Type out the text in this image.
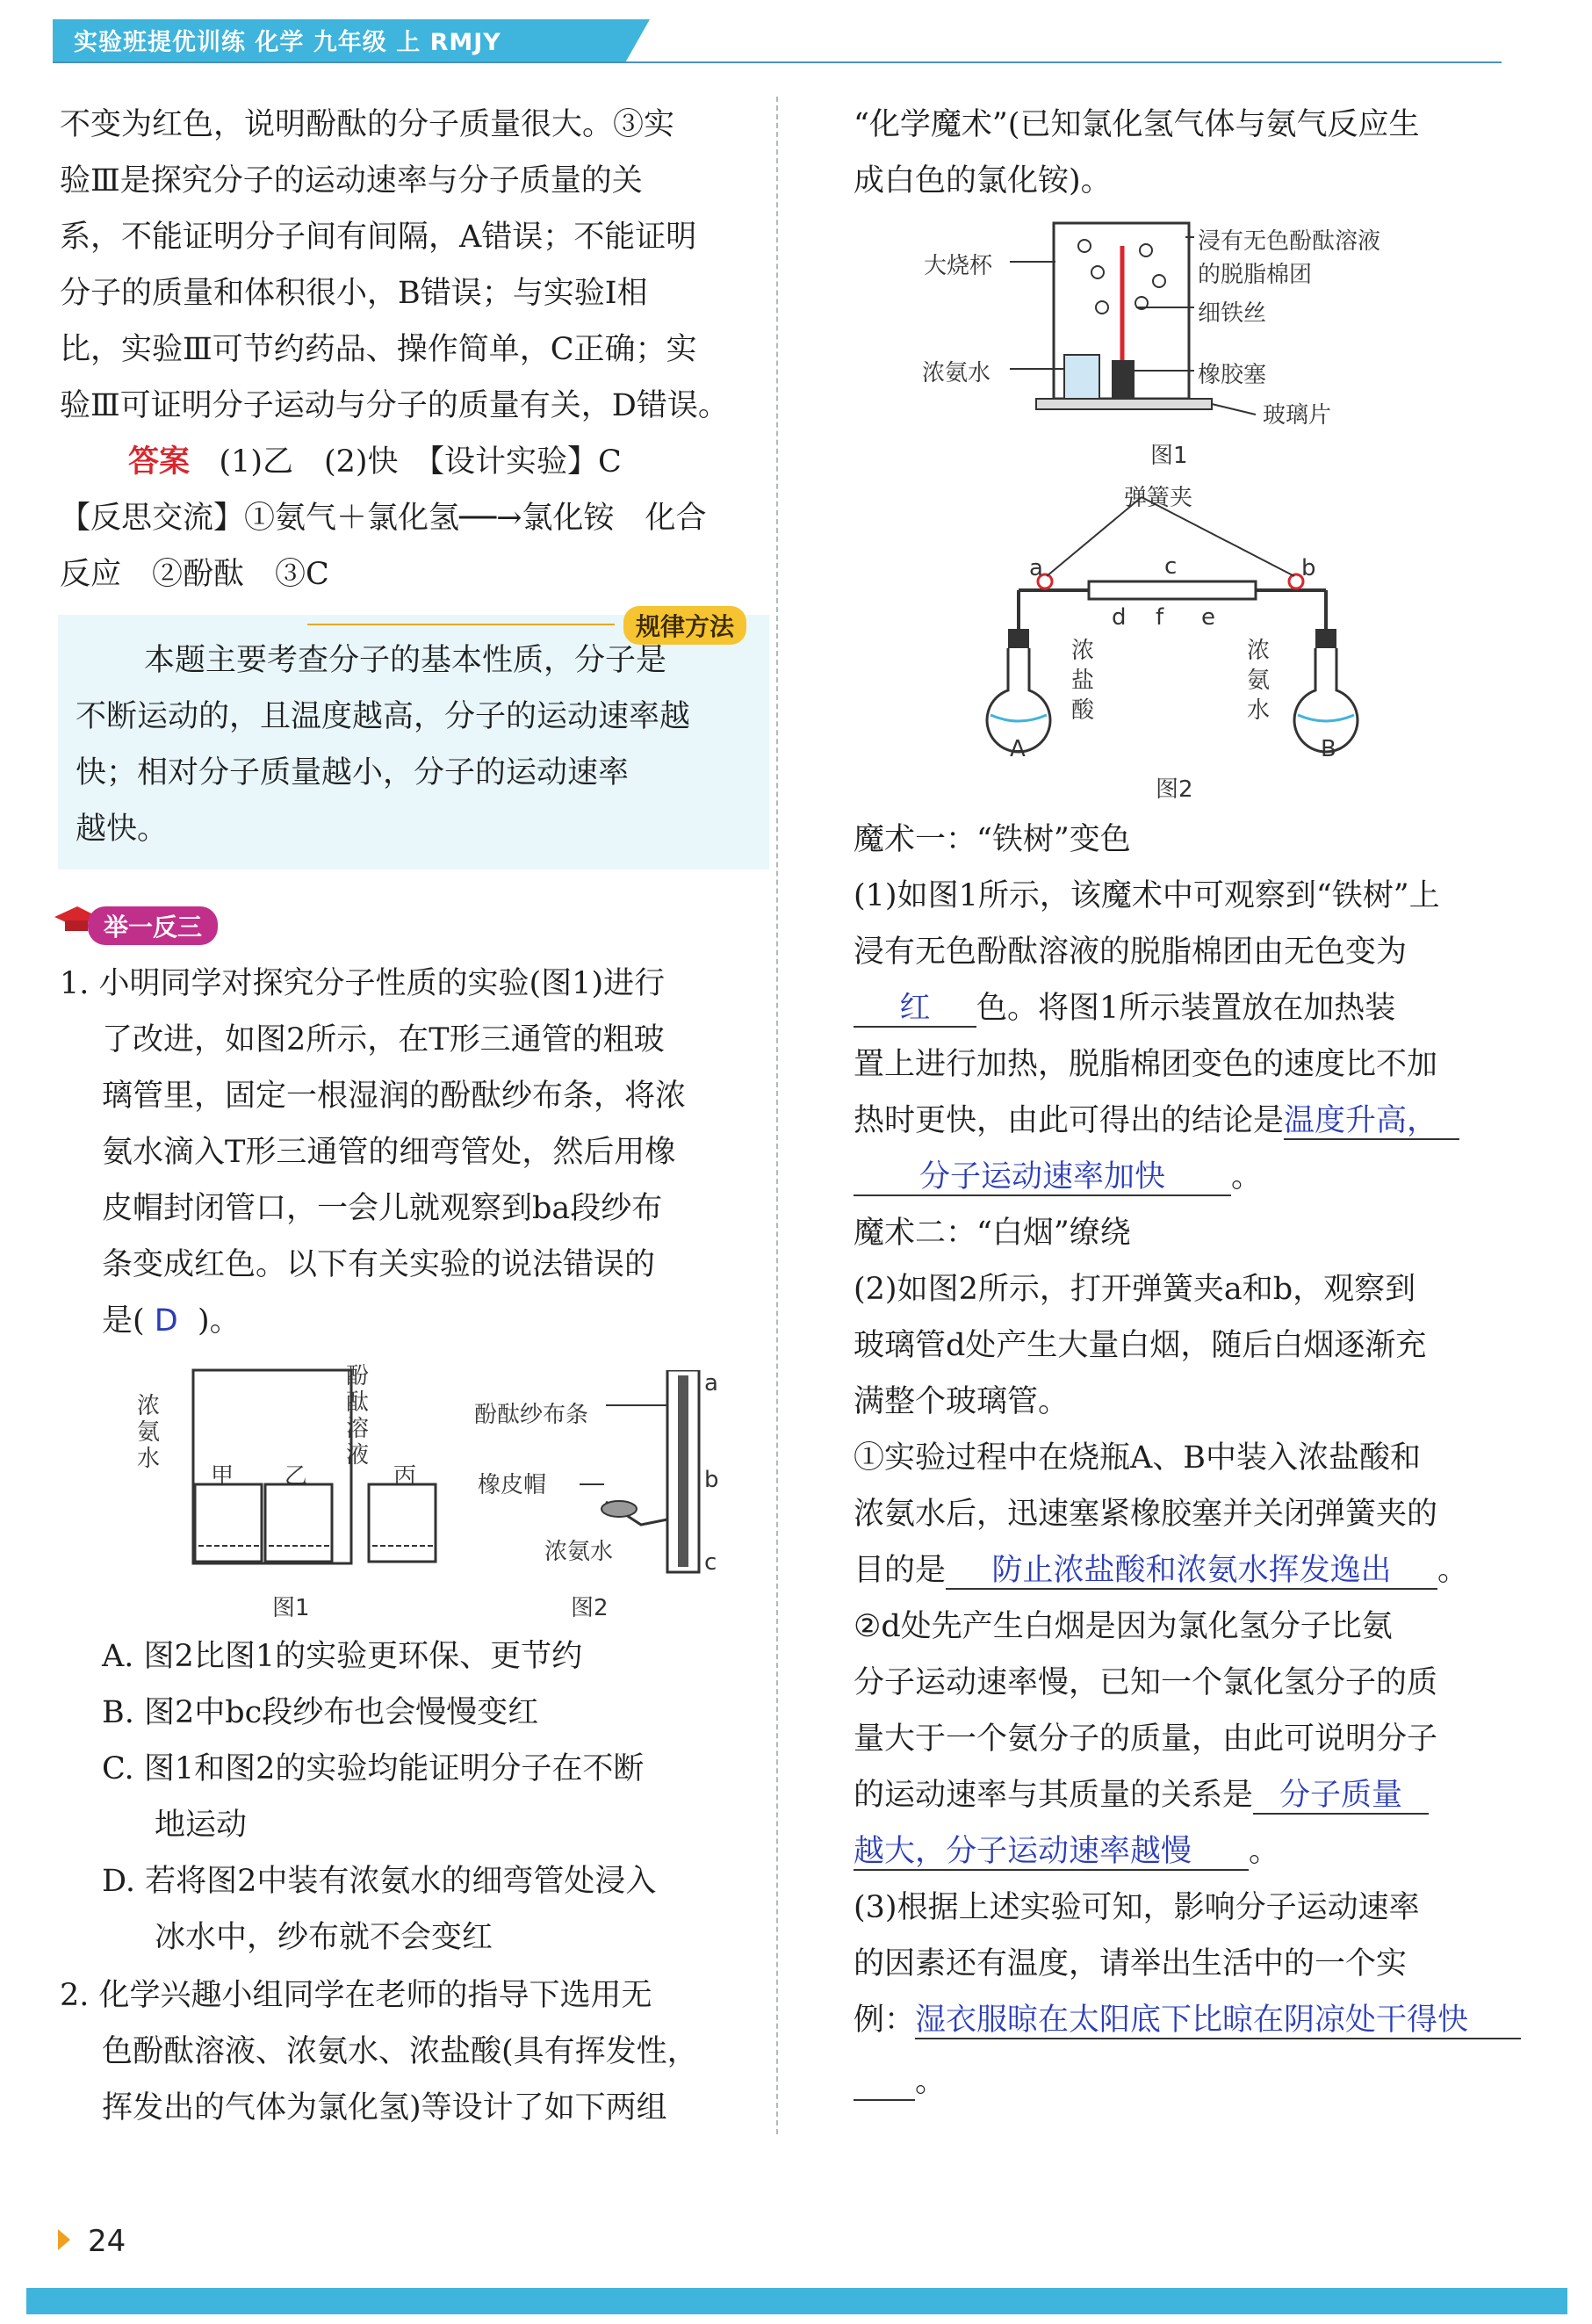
实验班提优训练 化学 九年级 上 RMJY
不变为红色，说明酚酞的分子质量很大。③实
验Ⅲ是探究分子的运动速率与分子质量的关
系，不能证明分子间有间隔，A错误；不能证明
分子的质量和体积很小，B错误；与实验Ⅰ相
比，实验Ⅲ可节约药品、操作简单，C正确；实
验Ⅲ可证明分子运动与分子的质量有关，D错误。
答案 (1)乙　(2)快　【设计实验】C
【反思交流】①氨气＋氯化氢──→氯化铵　化合
反应　②酚酞　③C
规律方法
本题主要考查分子的基本性质，分子是
不断运动的，且温度越高，分子的运动速率越
快；相对分子质量越小，分子的运动速率
越快。
举一反三
1. 小明同学对探究分子性质的实验(图1)进行
了改进，如图2所示，在T形三通管的粗玻
璃管里，固定一根湿润的酚酞纱布条，将浓
氨水滴入T形三通管的细弯管处，然后用橡
皮帽封闭管口，一会儿就观察到ba段纱布
条变成红色。以下有关实验的说法错误的
是( D )。
浓氨水
甲 乙	丙
酚酞溶液
图1
酚酞纱布条
橡皮帽
浓氨水
a
b
c
图2
A. 图2比图1的实验更环保、更节约
B. 图2中bc段纱布也会慢慢变红
C. 图1和图2的实验均能证明分子在不断
地运动
D. 若将图2中装有浓氨水的细弯管处浸入
冰水中，纱布就不会变红
2. 化学兴趣小组同学在老师的指导下选用无
色酚酞溶液、浓氨水、浓盐酸(具有挥发性，
挥发出的气体为氯化氢)等设计了如下两组
“化学魔术”(已知氯化氢气体与氨气反应生
成白色的氯化铵)。
大烧杯
浸有无色酚酞溶液
的脱脂棉团
细铁丝
浓氨水	橡胶塞
玻璃片
图1
弹簧夹
a	b
c
d f e
浓盐酸
浓氨水
A	B
图2
魔术一：“铁树”变色
(1)如图1所示，该魔术中可观察到“铁树”上
浸有无色酚酞溶液的脱脂棉团由无色变为
红 色。将图1所示装置放在加热装
置上进行加热，脱脂棉团变色的速度比不加
热时更快，由此可得出的结论是温度升高，
分子运动速率加快 。
魔术二：“白烟”缭绕
(2)如图2所示，打开弹簧夹a和b，观察到
玻璃管d处产生大量白烟，随后白烟逐渐充
满整个玻璃管。
①实验过程中在烧瓶A、B中装入浓盐酸和
浓氨水后，迅速塞紧橡胶塞并关闭弹簧夹的
目的是 防止浓盐酸和浓氨水挥发逸出 。
②d处先产生白烟是因为氯化氢分子比氨
分子运动速率慢，已知一个氯化氢分子的质
量大于一个氨分子的质量，由此可说明分子
的运动速率与其质量的关系是 分子质量
越大，分子运动速率越慢 。
(3)根据上述实验可知，影响分子运动速率
的因素还有温度，请举出生活中的一个实
例：湿衣服晾在太阳底下比晾在阴凉处干得快
。
24
